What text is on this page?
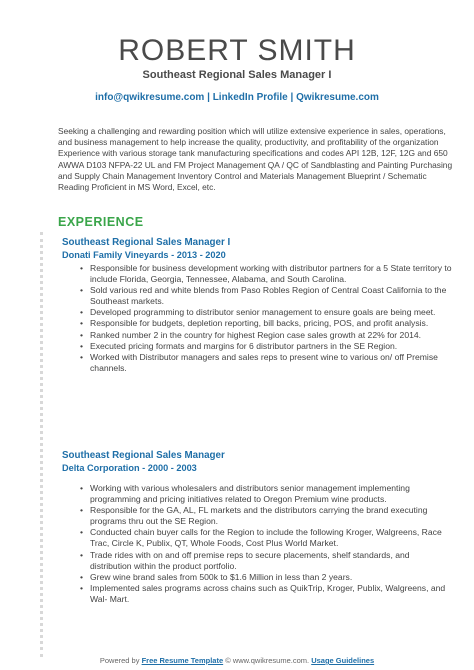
ROBERT SMITH
Southeast Regional Sales Manager I
info@qwikresume.com | LinkedIn Profile | Qwikresume.com

Seeking a challenging and rewarding position which will utilize extensive experience in sales, operations, and business management to help increase the quality, productivity, and profitability of the organization Experience with various storage tank manufacturing specifications and codes API 12B, 12F, 12G and 650 AWWA D103 NFPA-22 UL and FM Project Management QA / QC of Sandblasting and Painting Purchasing and Supply Chain Management Inventory Control and Materials Management Blueprint / Schematic Reading Proficient in MS Word, Excel, etc.

EXPERIENCE
Southeast Regional Sales Manager I
Donati Family Vineyards - 2013 - 2020
• Responsible for business development working with distributor partners for a 5 State territory to include Florida, Georgia, Tennessee, Alabama, and South Carolina.
• Sold various red and white blends from Paso Robles Region of Central Coast California to the Southeast markets.
• Developed programming to distributor senior management to ensure goals are being meet.
• Responsible for budgets, depletion reporting, bill backs, pricing, POS, and profit analysis.
• Ranked number 2 in the country for highest Region case sales growth at 22% for 2014.
• Executed pricing formats and margins for 6 distributor partners in the SE Region.
• Worked with Distributor managers and sales reps to present wine to various on/ off Premise channels.
Southeast Regional Sales Manager
Delta Corporation - 2000 - 2003
• Working with various wholesalers and distributors senior management implementing programming and pricing initiatives related to Oregon Premium wine products.
• Responsible for the GA, AL, FL markets and the distributors carrying the brand executing programs thru out the SE Region.
• Conducted chain buyer calls for the Region to include the following Kroger, Walgreens, Race Trac, Circle K, Publix, QT, Whole Foods, Cost Plus World Market.
• Trade rides with on and off premise reps to secure placements, shelf standards, and distribution within the product portfolio.
• Grew wine brand sales from 500k to $1.6 Million in less than 2 years.
• Implemented sales programs across chains such as QuikTrip, Kroger, Publix, Walgreens, and Wal- Mart.
Powered by Free Resume Template © www.qwikresume.com. Usage Guidelines
